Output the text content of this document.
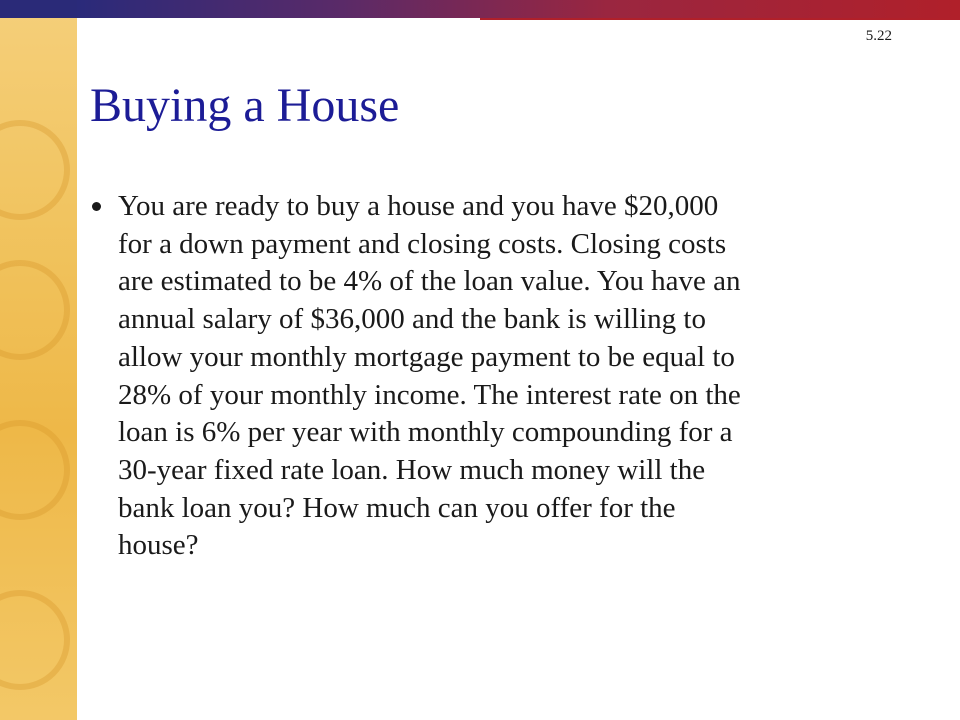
5.22
Buying a House
You are ready to buy a house and you have $20,000
for a down payment and closing costs. Closing costs
are estimated to be 4% of the loan value. You have an
annual salary of $36,000 and the bank is willing to
allow your monthly mortgage payment to be equal to
28% of your monthly income. The interest rate on the
loan is 6% per year with monthly compounding for a
30-year fixed rate loan. How much money will the
bank loan you? How much can you offer for the
house?
